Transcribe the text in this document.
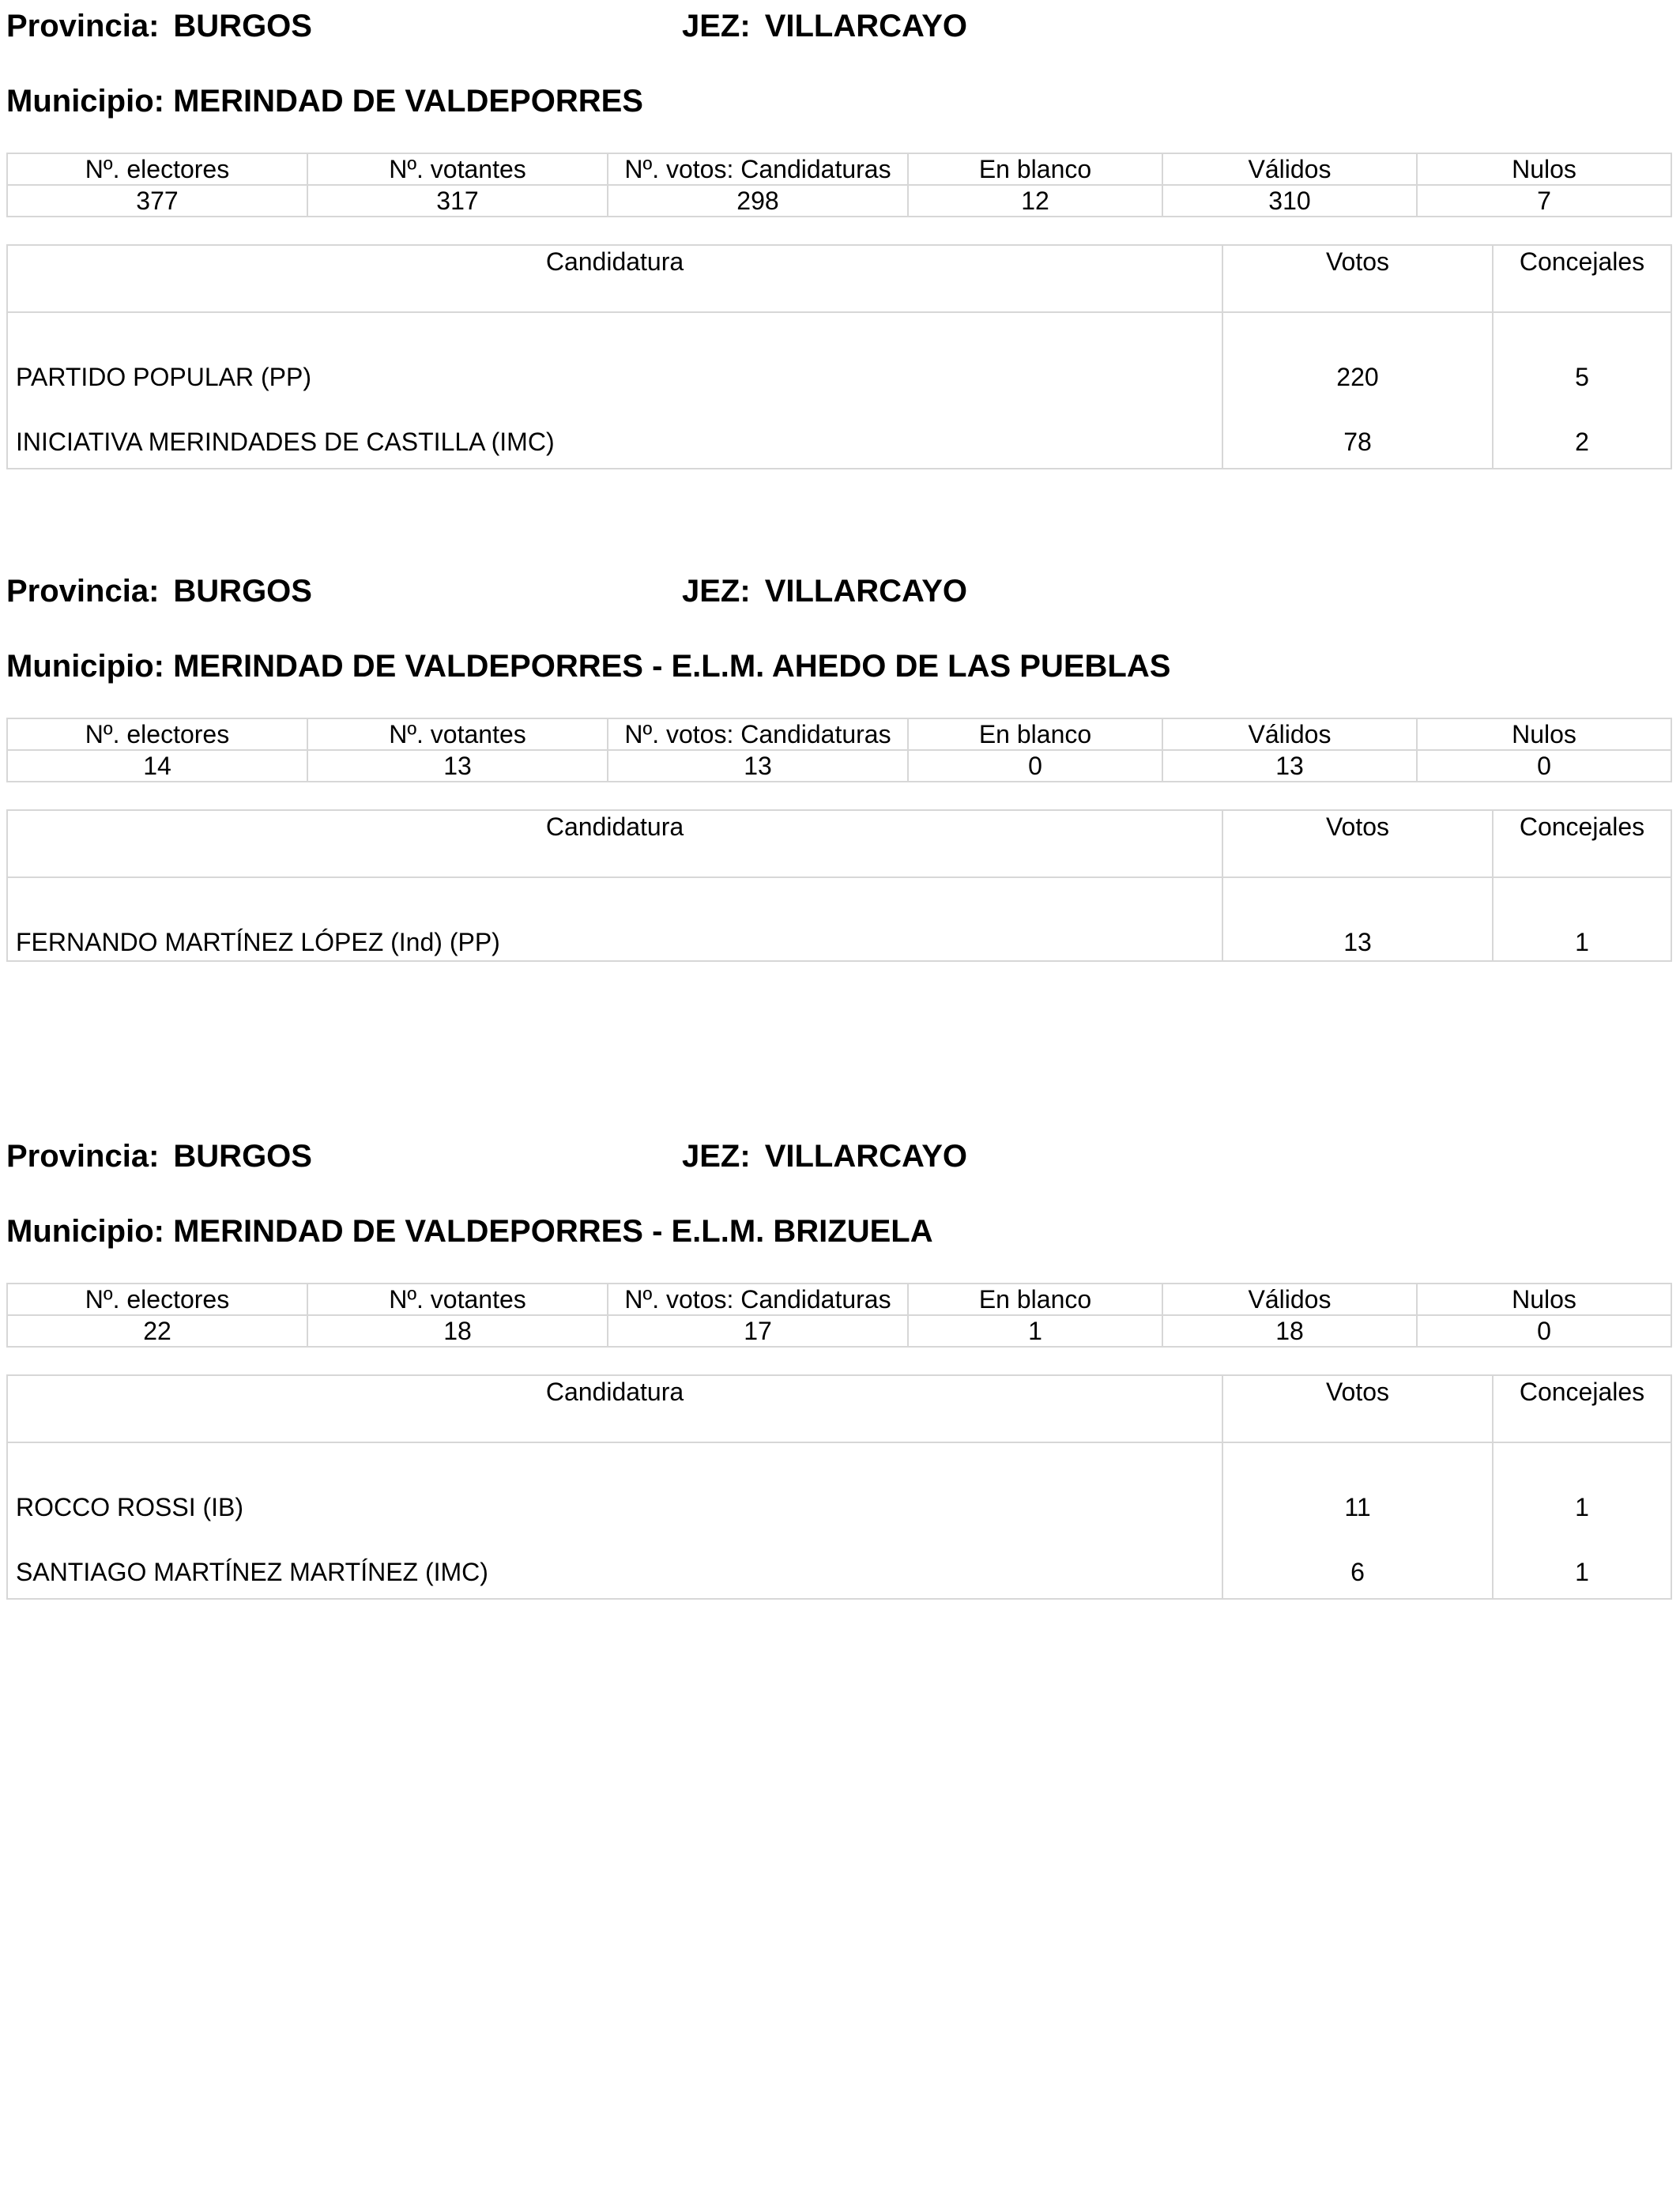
Provincia: BURGOS	JEZ: VILLARCAYO
Municipio: MERINDAD DE VALDEPORRES
Nº. electores	Nº. votantes	Nº. votos: Candidaturas	En blanco	Válidos	Nulos
377	317	298	12	310	7
Candidatura	Votos	Concejales
PARTIDO POPULAR (PP)	220	5
INICIATIVA MERINDADES DE CASTILLA (IMC)	78	2
Provincia: BURGOS	JEZ: VILLARCAYO
Municipio: MERINDAD DE VALDEPORRES - E.L.M. AHEDO DE LAS PUEBLAS
Nº. electores	Nº. votantes	Nº. votos: Candidaturas	En blanco	Válidos	Nulos
14	13	13	0	13	0
Candidatura	Votos	Concejales
FERNANDO MARTÍNEZ LÓPEZ (Ind) (PP)	13	1
Provincia: BURGOS	JEZ: VILLARCAYO
Municipio: MERINDAD DE VALDEPORRES - E.L.M. BRIZUELA
Nº. electores	Nº. votantes	Nº. votos: Candidaturas	En blanco	Válidos	Nulos
22	18	17	1	18	0
Candidatura	Votos	Concejales
ROCCO ROSSI (IB)	11	1
SANTIAGO MARTÍNEZ MARTÍNEZ (IMC)	6	1
